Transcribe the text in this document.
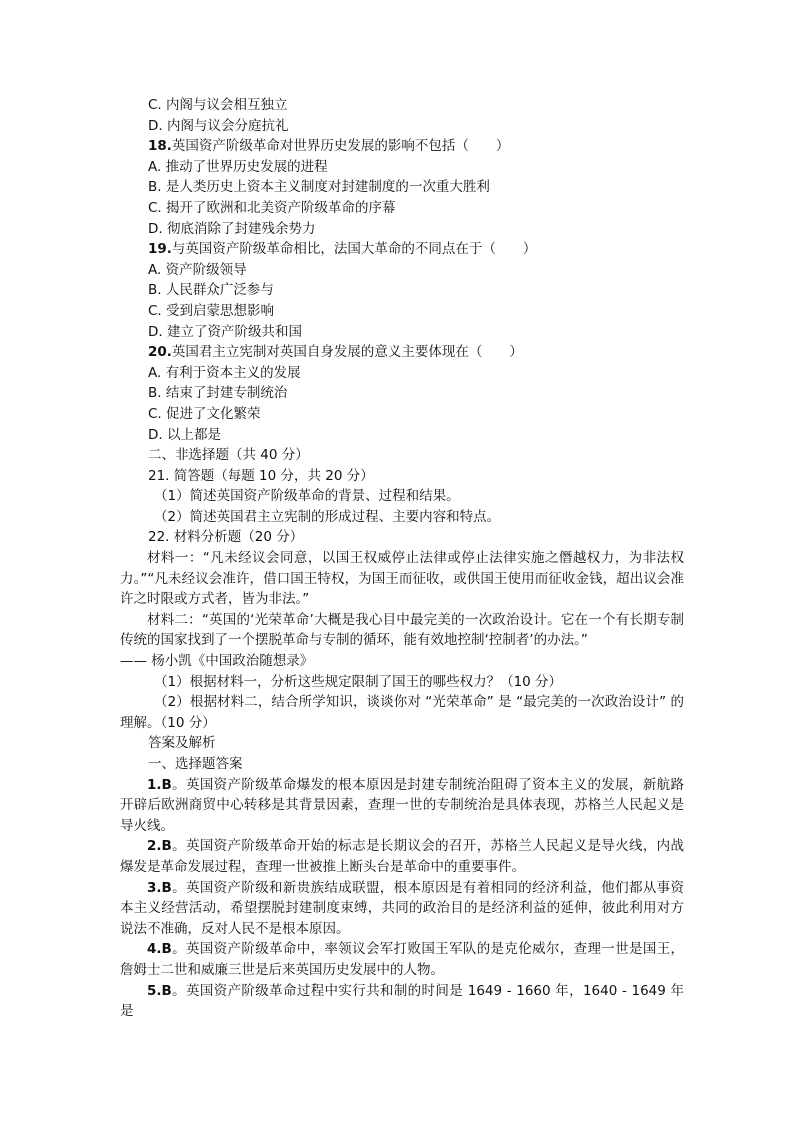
C. 内阁与议会相互独立
D. 内阁与议会分庭抗礼
18.英国资产阶级革命对世界历史发展的影响不包括（　　）
A. 推动了世界历史发展的进程
B. 是人类历史上资本主义制度对封建制度的一次重大胜利
C. 揭开了欧洲和北美资产阶级革命的序幕
D. 彻底消除了封建残余势力
19.与英国资产阶级革命相比，法国大革命的不同点在于（　　）
A. 资产阶级领导
B. 人民群众广泛参与
C. 受到启蒙思想影响
D. 建立了资产阶级共和国
20.英国君主立宪制对英国自身发展的意义主要体现在（　　）
A. 有利于资本主义的发展
B. 结束了封建专制统治
C. 促进了文化繁荣
D. 以上都是
二、非选择题（共 40 分）
21. 简答题（每题 10 分，共 20 分）
（1）简述英国资产阶级革命的背景、过程和结果。
（2）简述英国君主立宪制的形成过程、主要内容和特点。
22. 材料分析题（20 分）
材料一：“凡未经议会同意，以国王权威停止法律或停止法律实施之僭越权力，为非法权力。”“凡未经议会准许，借口国王特权，为国王而征收，或供国王使用而征收金钱，超出议会准许之时限或方式者，皆为非法。”
材料二：“英国的‘光荣革命’大概是我心目中最完美的一次政治设计。它在一个有长期专制传统的国家找到了一个摆脱革命与专制的循环，能有效地控制‘控制者’的办法。”
—— 杨小凯《中国政治随想录》
（1）根据材料一，分析这些规定限制了国王的哪些权力？（10 分）
（2）根据材料二，结合所学知识，谈谈你对 “光荣革命” 是 “最完美的一次政治设计” 的理解。（10 分）
答案及解析
一、选择题答案
1.B。英国资产阶级革命爆发的根本原因是封建专制统治阻碍了资本主义的发展，新航路开辟后欧洲商贸中心转移是其背景因素，查理一世的专制统治是具体表现，苏格兰人民起义是导火线。
2.B。英国资产阶级革命开始的标志是长期议会的召开，苏格兰人民起义是导火线，内战爆发是革命发展过程，查理一世被推上断头台是革命中的重要事件。
3.B。英国资产阶级和新贵族结成联盟，根本原因是有着相同的经济利益，他们都从事资本主义经营活动，希望摆脱封建制度束缚，共同的政治目的是经济利益的延伸，彼此利用对方说法不准确，反对人民不是根本原因。
4.B。英国资产阶级革命中，率领议会军打败国王军队的是克伦威尔，查理一世是国王，詹姆士二世和威廉三世是后来英国历史发展中的人物。
5.B。英国资产阶级革命过程中实行共和制的时间是 1649 - 1660 年，1640 - 1649 年是
